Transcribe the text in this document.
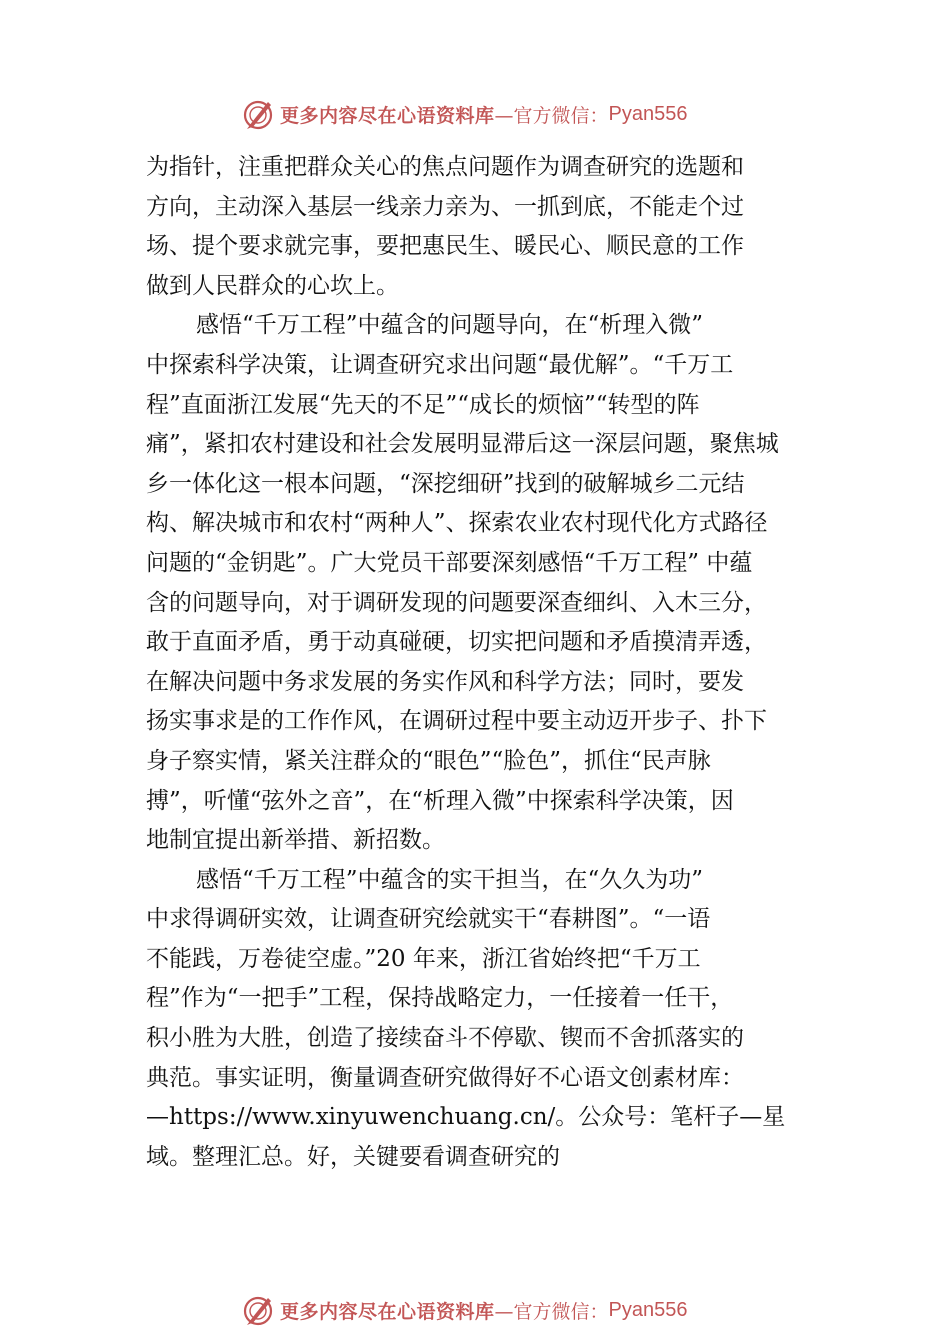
更多内容尽在心语资料库 —官方微信： Pyan556
为指针，注重把群众关心的焦点问题作为调查研究的选题和
方向，主动深入基层一线亲力亲为、一抓到底，不能走个过
场、提个要求就完事，要把惠民生、暖民心、顺民意的工作
做到人民群众的心坎上。
感悟“千万工程”中蕴含的问题导向，在“析理入微”
中探索科学决策，让调查研究求出问题“最优解”。“千万工
程”直面浙江发展“先天的不足”“成长的烦恼”“转型的阵
痛”，紧扣农村建设和社会发展明显滞后这一深层问题，聚焦城
乡一体化这一根本问题，“深挖细研”找到的破解城乡二元结
构、解决城市和农村“两种人”、探索农业农村现代化方式路径
问题的“金钥匙”。广大党员干部要深刻感悟“千万工程” 中蕴
含的问题导向，对于调研发现的问题要深查细纠、入木三分，
敢于直面矛盾，勇于动真碰硬，切实把问题和矛盾摸清弄透，
在解决问题中务求发展的务实作风和科学方法；同时，要发
扬实事求是的工作作风，在调研过程中要主动迈开步子、扑下
身子察实情，紧关注群众的“眼色”“脸色”，抓住“民声脉
搏”，听懂“弦外之音”，在“析理入微”中探索科学决策，因
地制宜提出新举措、新招数。
感悟“千万工程”中蕴含的实干担当，在“久久为功”
中求得调研实效，让调查研究绘就实干“春耕图”。“一语
不能践，万卷徒空虚。”20 年来，浙江省始终把“千万工
程”作为“一把手”工程，保持战略定力，一任接着一任干，
积小胜为大胜，创造了接续奋斗不停歇、锲而不舍抓落实的
典范。事实证明，衡量调查研究做得好不心语文创素材库：
—https://www.xinyuwenchuang.cn/。公众号：笔杆子—星
域。整理汇总。好，关键要看调查研究的
更多内容尽在心语资料库 —官方微信： Pyan556
